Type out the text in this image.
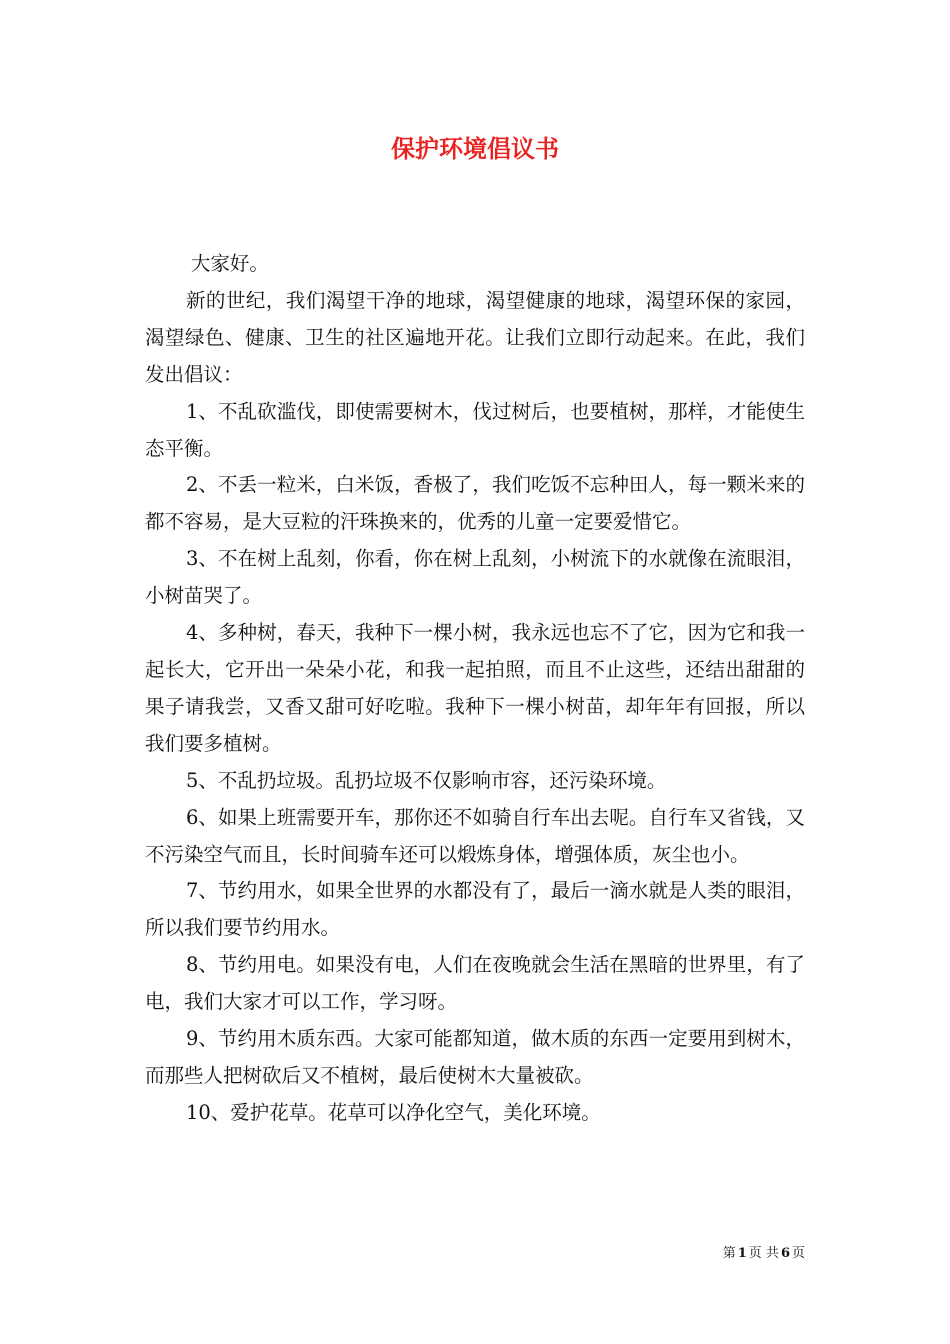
保护环境倡议书

大家好。

新的世纪，我们渴望干净的地球，渴望健康的地球，渴望环保的家园，渴望绿色、健康、卫生的社区遍地开花。让我们立即行动起来。在此，我们发出倡议：

1、不乱砍滥伐，即使需要树木，伐过树后，也要植树，那样，才能使生态平衡。

2、不丢一粒米，白米饭，香极了，我们吃饭不忘种田人，每一颗米来的都不容易，是大豆粒的汗珠换来的，优秀的儿童一定要爱惜它。

3、不在树上乱刻，你看，你在树上乱刻，小树流下的水就像在流眼泪，小树苗哭了。

4、多种树，春天，我种下一棵小树，我永远也忘不了它，因为它和我一起长大，它开出一朵朵小花，和我一起拍照，而且不止这些，还结出甜甜的果子请我尝，又香又甜可好吃啦。我种下一棵小树苗，却年年有回报，所以我们要多植树。

5、不乱扔垃圾。乱扔垃圾不仅影响市容，还污染环境。

6、如果上班需要开车，那你还不如骑自行车出去呢。自行车又省钱，又不污染空气而且，长时间骑车还可以煅炼身体，增强体质，灰尘也小。

7、节约用水，如果全世界的水都没有了，最后一滴水就是人类的眼泪，所以我们要节约用水。

8、节约用电。如果没有电，人们在夜晚就会生活在黑暗的世界里，有了电，我们大家才可以工作，学习呀。

9、节约用木质东西。大家可能都知道，做木质的东西一定要用到树木，而那些人把树砍后又不植树，最后使树木大量被砍。

10、爱护花草。花草可以净化空气，美化环境。

第 1 页 共 6 页
